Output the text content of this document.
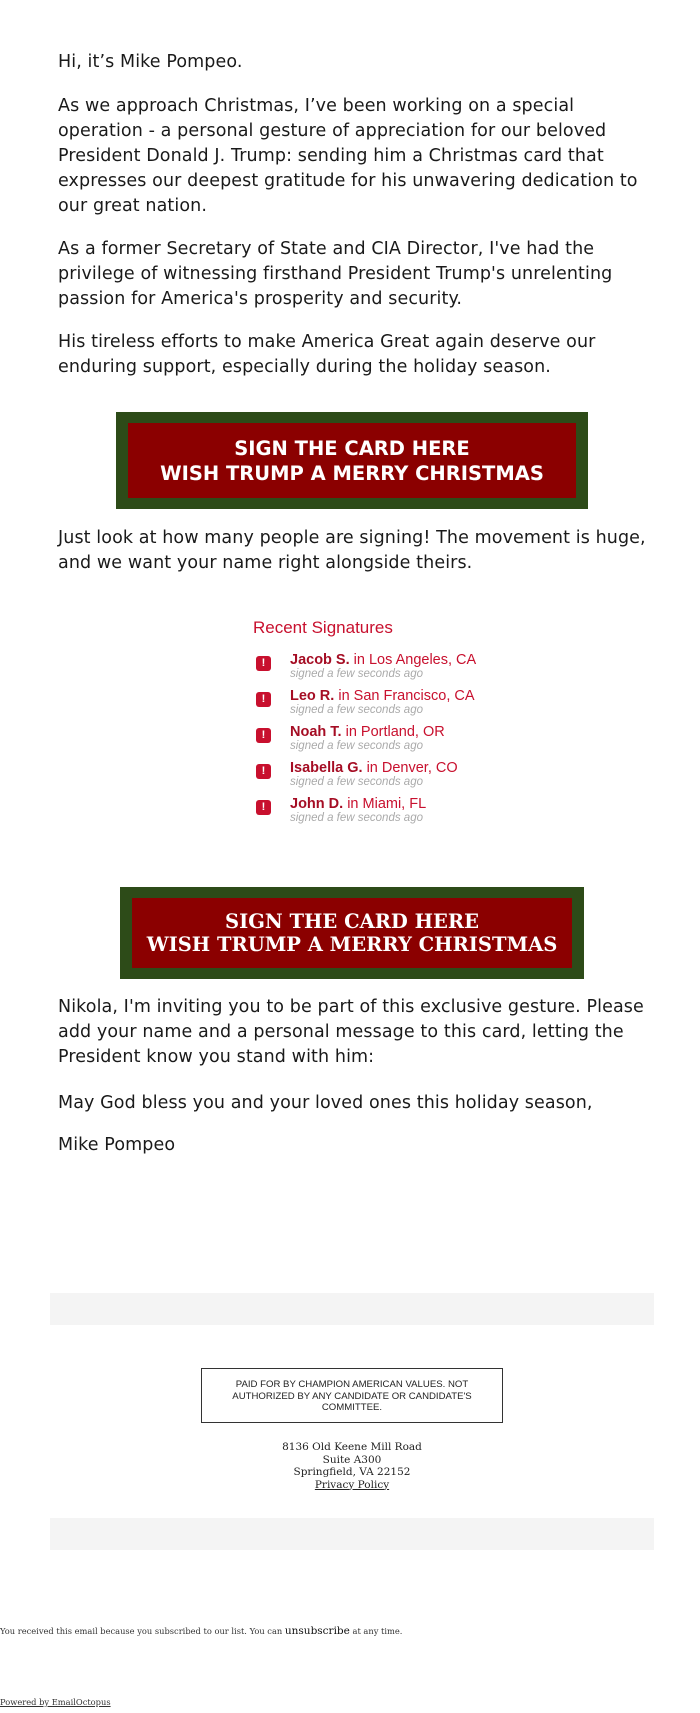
Hi, it’s Mike Pompeo.

As we approach Christmas, I’ve been working on a special operation - a personal gesture of appreciation for our beloved President Donald J. Trump: sending him a Christmas card that expresses our deepest gratitude for his unwavering dedication to our great nation.

As a former Secretary of State and CIA Director, I've had the privilege of witnessing firsthand President Trump's unrelenting passion for America's prosperity and security.

His tireless efforts to make America Great again deserve our enduring support, especially during the holiday season.

SIGN THE CARD HERE
WISH TRUMP A MERRY CHRISTMAS

Just look at how many people are signing! The movement is huge, and we want your name right alongside theirs.

Recent Signatures

!	Jacob S. in Los Angeles, CA
signed a few seconds ago
!	Leo R. in San Francisco, CA
signed a few seconds ago
!	Noah T. in Portland, OR
signed a few seconds ago
!	Isabella G. in Denver, CO
signed a few seconds ago
!	John D. in Miami, FL
signed a few seconds ago
SIGN THE CARD HERE
WISH TRUMP A MERRY CHRISTMAS

Nikola, I'm inviting you to be part of this exclusive gesture. Please add your name and a personal message to this card, letting the President know you stand with him:

May God bless you and your loved ones this holiday season,

Mike Pompeo

PAID FOR BY CHAMPION AMERICAN VALUES. NOT AUTHORIZED BY ANY CANDIDATE OR CANDIDATE'S COMMITTEE.
8136 Old Keene Mill Road
Suite A300
Springfield, VA 22152
Privacy Policy
You received this email because you subscribed to our list. You can unsubscribe at any time.
Powered by EmailOctopus
